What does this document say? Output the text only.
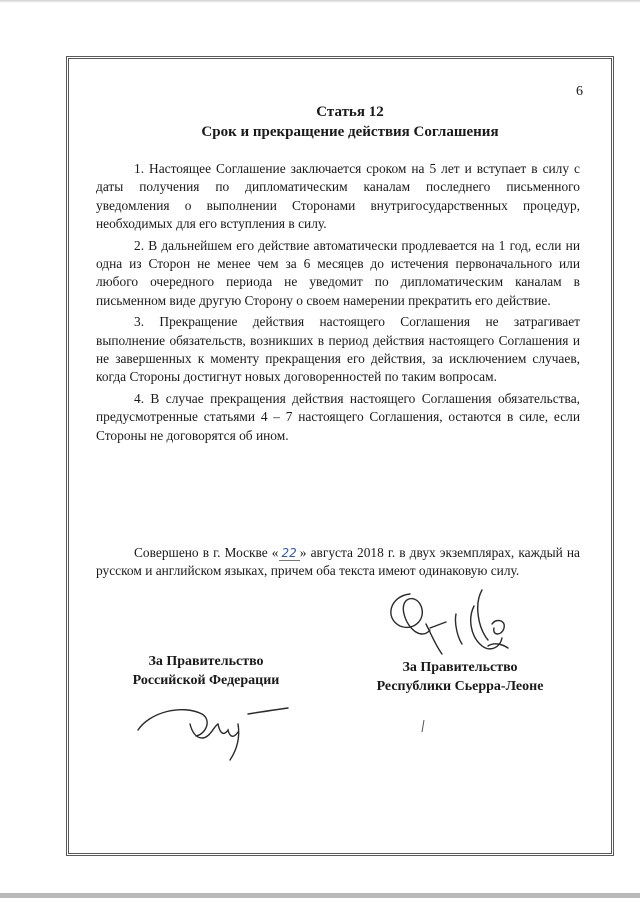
6
Статья 12
Срок и прекращение действия Соглашения

1. Настоящее Соглашение заключается сроком на 5 лет и вступает в силу с даты получения по дипломатическим каналам последнего письменного уведомления о выполнении Сторонами внутригосударственных процедур, необходимых для его вступления в силу.

2. В дальнейшем его действие автоматически продлевается на 1 год, если ни одна из Сторон не менее чем за 6 месяцев до истечения первоначального или любого очередного периода не уведомит по дипломатическим каналам в письменном виде другую Сторону о своем намерении прекратить его действие.

3. Прекращение действия настоящего Соглашения не затрагивает выполнение обязательств, возникших в период действия настоящего Соглашения и не завершенных к моменту прекращения его действия, за исключением случаев, когда Стороны достигнут новых договоренностей по таким вопросам.

4. В случае прекращения действия настоящего Соглашения обязательства, предусмотренные статьями 4 – 7 настоящего Соглашения, остаются в силе, если Стороны не договорятся об ином.

Совершено в г. Москве « 22 » августа 2018 г. в двух экземплярах, каждый на русском и английском языках, причем оба текста имеют одинаковую силу.

За Правительство
Российской Федерации
За Правительство
Республики Сьерра-Леоне
